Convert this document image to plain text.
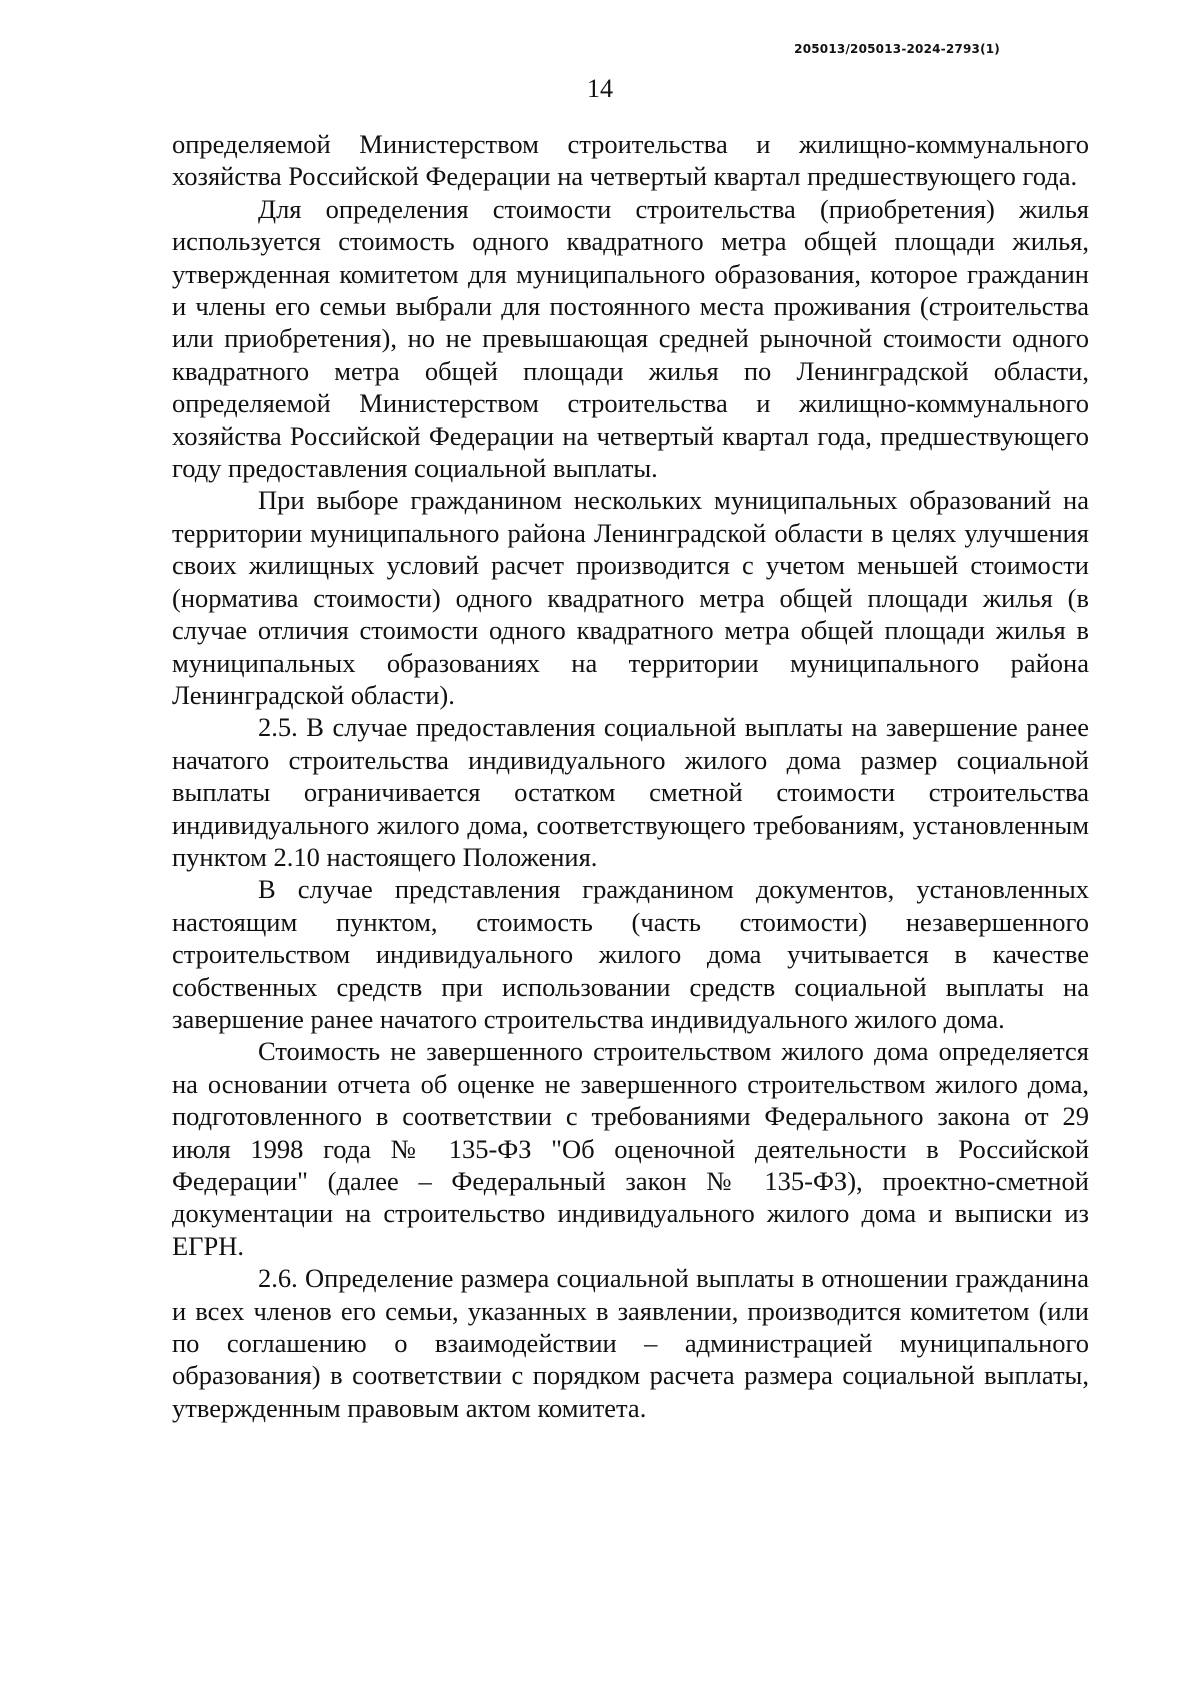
205013/205013-2024-2793(1)
14

определяемой Министерством строительства и жилищно-коммунального хозяйства Российской Федерации на четвертый квартал предшествующего года.

Для определения стоимости строительства (приобретения) жилья используется стоимость одного квадратного метра общей площади жилья, утвержденная комитетом для муниципального образования, которое гражданин и члены его семьи выбрали для постоянного места проживания (строительства или приобретения), но не превышающая средней рыночной стоимости одного квадратного метра общей площади жилья по Ленинградской области, определяемой Министерством строительства и жилищно-коммунального хозяйства Российской Федерации на четвертый квартал года, предшествующего году предоставления социальной выплаты.

При выборе гражданином нескольких муниципальных образований на территории муниципального района Ленинградской области в целях улучшения своих жилищных условий расчет производится с учетом меньшей стоимости (норматива стоимости) одного квадратного метра общей площади жилья (в случае отличия стоимости одного квадратного метра общей площади жилья в муниципальных образованиях на территории муниципального района Ленинградской области).

2.5. В случае предоставления социальной выплаты на завершение ранее начатого строительства индивидуального жилого дома размер социальной выплаты ограничивается остатком сметной стоимости строительства индивидуального жилого дома, соответствующего требованиям, установленным пунктом 2.10 настоящего Положения.

В случае представления гражданином документов, установленных настоящим пунктом, стоимость (часть стоимости) незавершенного строительством индивидуального жилого дома учитывается в качестве собственных средств при использовании средств социальной выплаты на завершение ранее начатого строительства индивидуального жилого дома.

Стоимость не завершенного строительством жилого дома определяется на основании отчета об оценке не завершенного строительством жилого дома, подготовленного в соответствии с требованиями Федерального закона от 29 июля 1998 года № 135-ФЗ "Об оценочной деятельности в Российской Федерации" (далее – Федеральный закон № 135-ФЗ), проектно-сметной документации на строительство индивидуального жилого дома и выписки из ЕГРН.

2.6. Определение размера социальной выплаты в отношении гражданина и всех членов его семьи, указанных в заявлении, производится комитетом (или по соглашению о взаимодействии – администрацией муниципального образования) в соответствии с порядком расчета размера социальной выплаты, утвержденным правовым актом комитета.
